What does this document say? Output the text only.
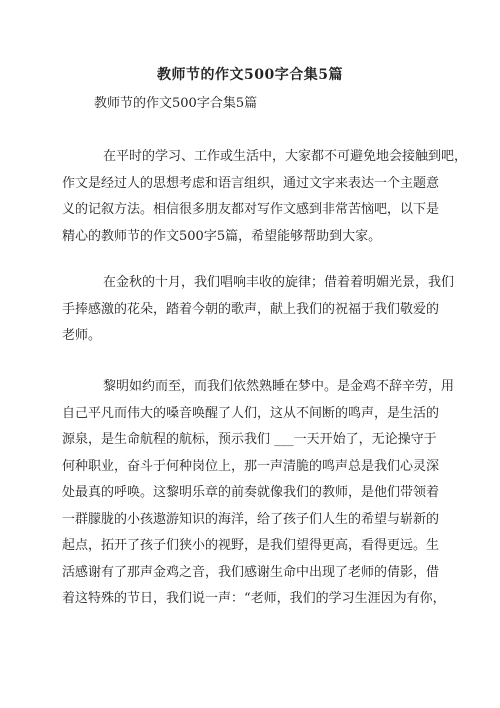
教师节的作文500字合集5篇
教师节的作文500字合集5篇
在平时的学习、工作或生活中，大家都不可避免地会接触到吧，
作文是经过人的思想考虑和语言组织，通过文字来表达一个主题意
义的记叙方法。相信很多朋友都对写作文感到非常苦恼吧，以下是
精心的教师节的作文500字5篇，希望能够帮助到大家。
在金秋的十月，我们唱响丰收的旋律；借着着明媚光景，我们
手捧感激的花朵，踏着今朝的歌声，献上我们的祝福于我们敬爱的
老师。
黎明如约而至，而我们依然熟睡在梦中。是金鸡不辞辛劳，用
自己平凡而伟大的嗓音唤醒了人们，这从不间断的鸣声，是生活的
源泉，是生命航程的航标，预示我们 ___一天开始了，无论操守于
何种职业，奋斗于何种岗位上，那一声清脆的鸣声总是我们心灵深
处最真的呼唤。这黎明乐章的前奏就像我们的教师，是他们带领着
一群朦胧的小孩遨游知识的海洋，给了孩子们人生的希望与崭新的
起点，拓开了孩子们狭小的视野，是我们望得更高，看得更远。生
活感谢有了那声金鸡之音，我们感谢生命中出现了老师的倩影，借
着这特殊的节日，我们说一声：“老师，我们的学习生涯因为有你，
